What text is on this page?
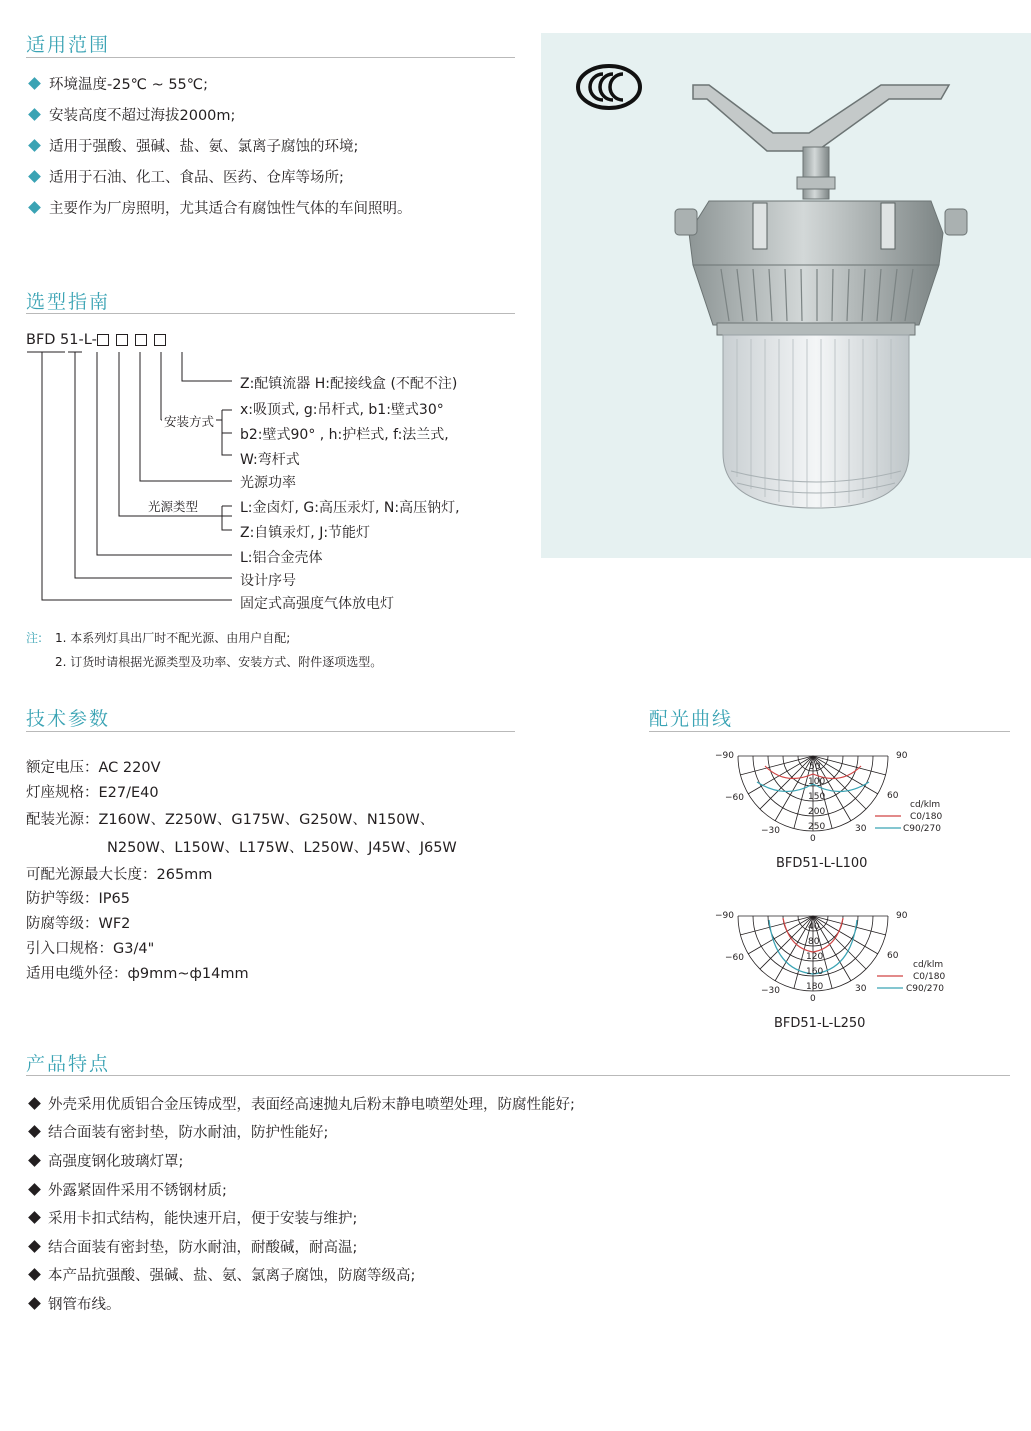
适用范围
环境温度-25℃ ~ 55℃;
安装高度不超过海拔2000m;
适用于强酸、强碱、盐、氨、氯离子腐蚀的环境;
适用于石油、化工、食品、医药、仓库等场所;
主要作为厂房照明，尤其适合有腐蚀性气体的车间照明。
选型指南
BFD 51-L-
Z:配镇流器 H:配接线盒 (不配不注)
x:吸顶式, g:吊杆式, b1:壁式30°
b2:壁式90° , h:护栏式, f:法兰式,
W:弯杆式
光源功率
L:金卤灯, G:高压汞灯, N:高压钠灯,
Z:自镇汞灯, J:节能灯
L:铝合金壳体
设计序号
固定式高强度气体放电灯
安装方式
光源类型
注: 1. 本系列灯具出厂时不配光源、由用户自配;
2. 订货时请根据光源类型及功率、安装方式、附件逐项选型。
技术参数
额定电压：AC 220V
灯座规格：E27/E40
配装光源：Z160W、Z250W、G175W、G250W、N150W、
N250W、L150W、L175W、L250W、J45W、J65W
可配光源最大长度：265mm
防护等级：IP65
防腐等级：WF2
引入口规格：G3/4"
适用电缆外径：ф9mm~ф14mm
配光曲线
50
100
150
200
250
−90	90
−60	60
−30	30
0
cd/klm
C0/180
C90/270
BFD51-L-L100
40
80
120
160
180
−90	90
−60	60
−30	30
0
cd/klm
C0/180
C90/270
BFD51-L-L250
产品特点
外壳采用优质铝合金压铸成型，表面经高速抛丸后粉末静电喷塑处理，防腐性能好;
结合面装有密封垫，防水耐油，防护性能好;
高强度钢化玻璃灯罩;
外露紧固件采用不锈钢材质;
采用卡扣式结构，能快速开启，便于安装与维护;
结合面装有密封垫，防水耐油，耐酸碱，耐高温;
本产品抗强酸、强碱、盐、氨、氯离子腐蚀，防腐等级高;
钢管布线。
